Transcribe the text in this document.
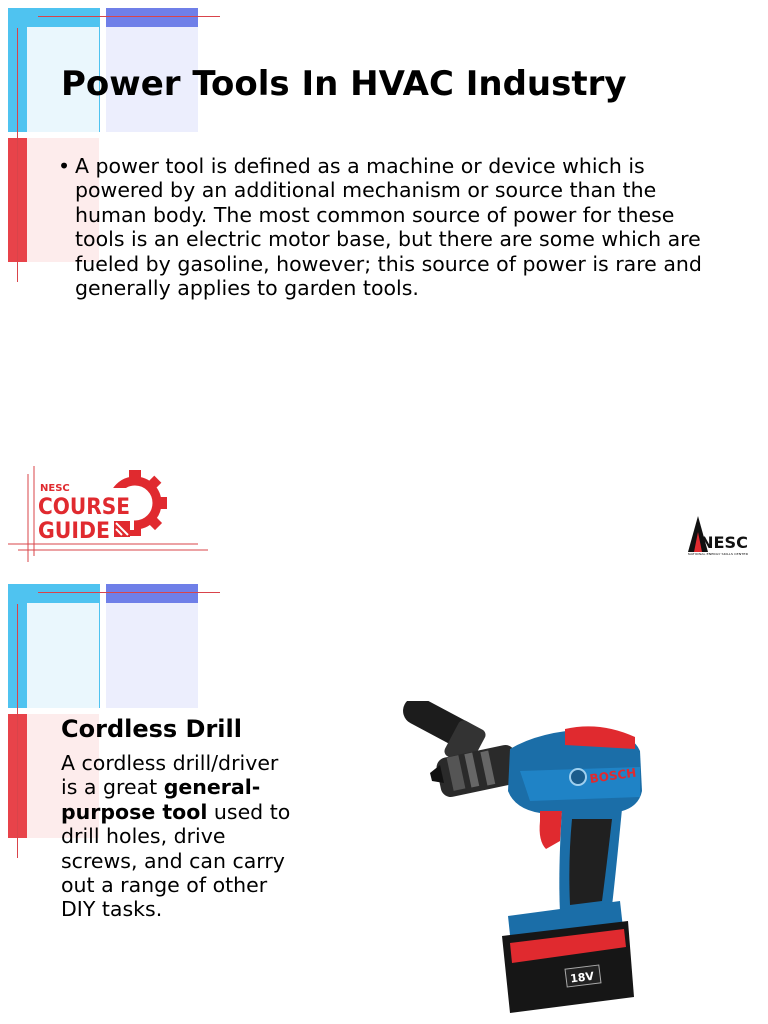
Power Tools In HVAC Industry
• A power tool is defined as a machine or device which is powered by an additional mechanism or source than the human body. The most common source of power for these tools is an electric motor base, but there are some which are fueled by gasoline, however; this source of power is rare and generally applies to garden tools.
NESC
COURSE
GUIDE	NESC
NATIONAL ENERGY SKILLS CENTER
Cordless Drill

A cordless drill/driver is a great general-purpose tool used to drill holes, drive screws, and can carry out a range of other DIY tasks.

BOSCH
18V
